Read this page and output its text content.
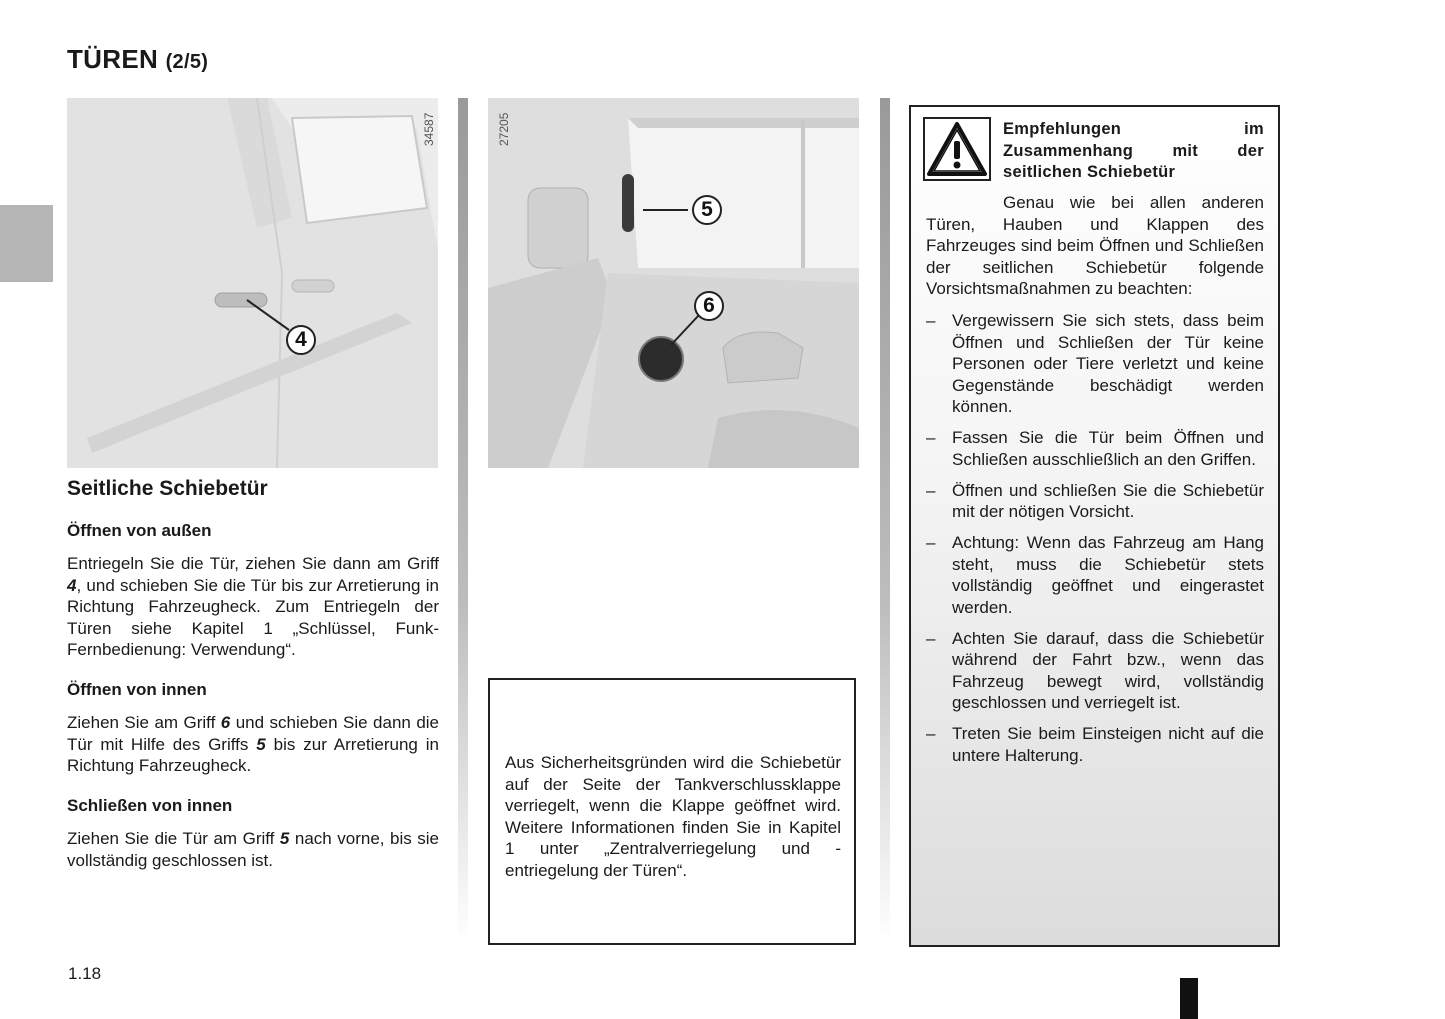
TÜREN (2/5)
34587
4
27205
5
6
Seitliche Schiebetür
Öffnen von außen

Entriegeln Sie die Tür, ziehen Sie dann am Griff 4, und schieben Sie die Tür bis zur Arretierung in Richtung Fahrzeugheck. Zum Entriegeln der Türen siehe Kapitel 1 „Schlüssel, Funk-Fernbedienung: Verwendung“.

Öffnen von innen

Ziehen Sie am Griff 6 und schieben Sie dann die Tür mit Hilfe des Griffs 5 bis zur Arretierung in Richtung Fahrzeugheck.

Schließen von innen

Ziehen Sie die Tür am Griff 5 nach vorne, bis sie vollständig geschlossen ist.

Aus Sicherheitsgründen wird die Schiebetür auf der Seite der Tankverschlussklappe verriegelt, wenn die Klappe geöffnet wird. Weitere Informationen finden Sie in Kapitel 1 unter „Zentralverriegelung und -entriegelung der Türen“.

Empfehlungen im Zusammenhang mit der seitlichen Schiebetür

Genau wie bei allen anderen Türen, Hauben und Klappen des Fahrzeuges sind beim Öffnen und Schließen der seitlichen Schiebetür folgende Vorsichtsmaßnahmen zu beachten:

– Vergewissern Sie sich stets, dass beim Öffnen und Schließen der Tür keine Personen oder Tiere verletzt und keine Gegenstände beschädigt werden können.
– Fassen Sie die Tür beim Öffnen und Schließen ausschließlich an den Griffen.
– Öffnen und schließen Sie die Schiebetür mit der nötigen Vorsicht.
– Achtung: Wenn das Fahrzeug am Hang steht, muss die Schiebetür stets vollständig geöffnet und eingerastet werden.
– Achten Sie darauf, dass die Schiebetür während der Fahrt bzw., wenn das Fahrzeug bewegt wird, vollständig geschlossen und verriegelt ist.
– Treten Sie beim Einsteigen nicht auf die untere Halterung.
1.18
